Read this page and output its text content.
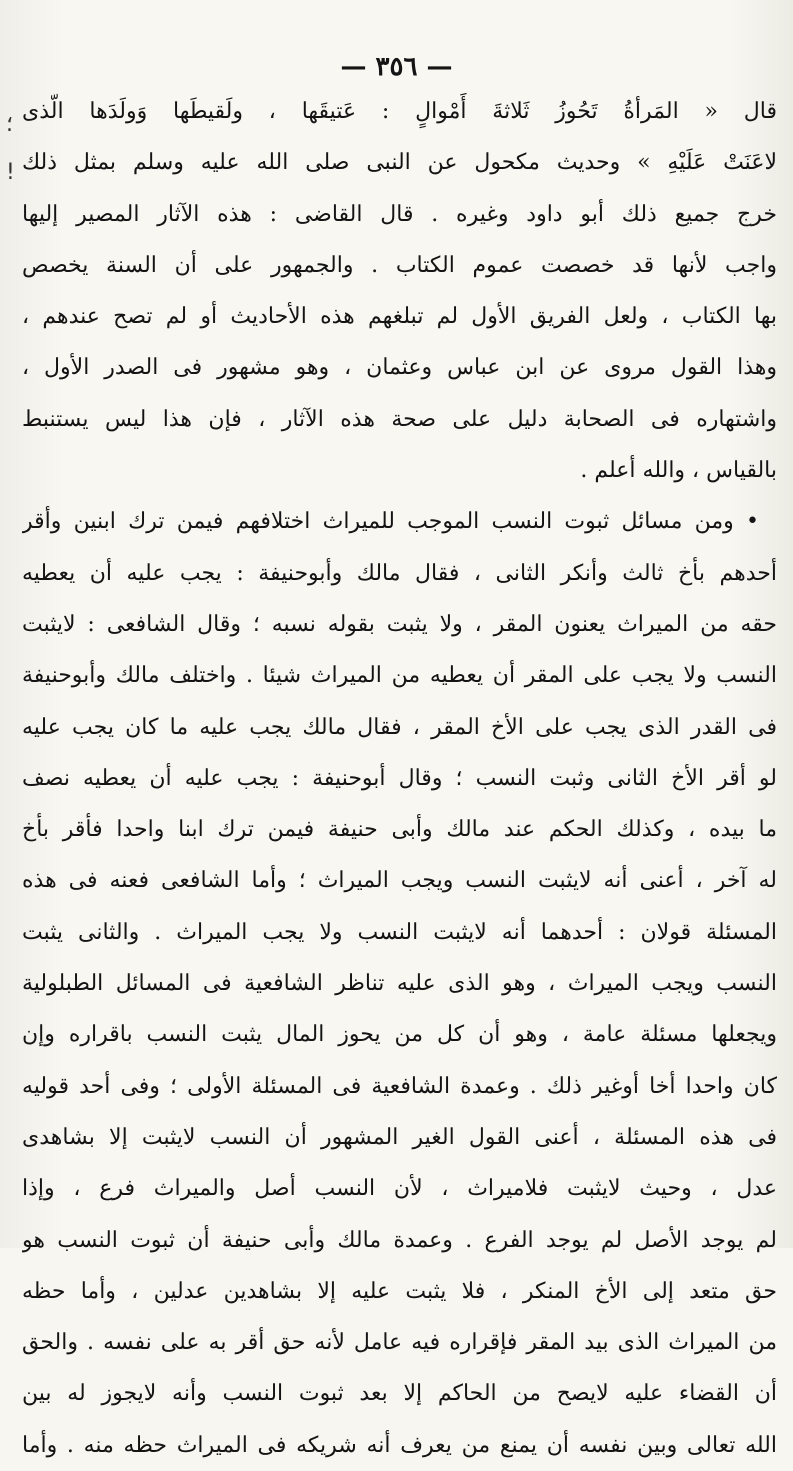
— ٣٥٦ —
؛
!
قال « المَرأةُ تَحُوزُ ثَلاثةَ أَمْوالٍ : عَتيقَها ، ولَقيطَها وَولَدَها الّذى
لاعَنَتْ عَلَيْهِ » وحديث مكحول عن النبى صلى الله عليه وسلم بمثل ذلك
خرج جميع ذلك أبو داود وغيره . قال القاضى : هذه الآثار المصير إليها
واجب لأنها قد خصصت عموم الكتاب . والجمهور على أن السنة يخصص
بها الكتاب ، ولعل الفريق الأول لم تبلغهم هذه الأحاديث أو لم تصح عندهم ،
وهذا القول مروى عن ابن عباس وعثمان ، وهو مشهور فى الصدر الأول ،
واشتهاره فى الصحابة دليل على صحة هذه الآثار ، فإن هذا ليس يستنبط
بالقياس ، والله أعلم .
• ومن مسائل ثبوت النسب الموجب للميراث اختلافهم فيمن ترك ابنين وأقر
أحدهم بأخ ثالث وأنكر الثانى ، فقال مالك وأبوحنيفة : يجب عليه أن يعطيه
حقه من الميراث يعنون المقر ، ولا يثبت بقوله نسبه ؛ وقال الشافعى : لايثبت
النسب ولا يجب على المقر أن يعطيه من الميراث شيئا . واختلف مالك وأبوحنيفة
فى القدر الذى يجب على الأخ المقر ، فقال مالك يجب عليه ما كان يجب عليه
لو أقر الأخ الثانى وثبت النسب ؛ وقال أبوحنيفة : يجب عليه أن يعطيه نصف
ما بيده ، وكذلك الحكم عند مالك وأبى حنيفة فيمن ترك ابنا واحدا فأقر بأخ
له آخر ، أعنى أنه لايثبت النسب ويجب الميراث ؛ وأما الشافعى فعنه فى هذه
المسئلة قولان : أحدهما أنه لايثبت النسب ولا يجب الميراث . والثانى يثبت
النسب ويجب الميراث ، وهو الذى عليه تناظر الشافعية فى المسائل الطبلولية
ويجعلها مسئلة عامة ، وهو أن كل من يحوز المال يثبت النسب باقراره وإن
كان واحدا أخا أوغير ذلك . وعمدة الشافعية فى المسئلة الأولى ؛ وفى أحد قوليه
فى هذه المسئلة ، أعنى القول الغير المشهور أن النسب لايثبت إلا بشاهدى
عدل ، وحيث لايثبت فلاميراث ، لأن النسب أصل والميراث فرع ، وإذا
لم يوجد الأصل لم يوجد الفرع . وعمدة مالك وأبى حنيفة أن ثبوت النسب هو
حق متعد إلى الأخ المنكر ، فلا يثبت عليه إلا بشاهدين عدلين ، وأما حظه
من الميراث الذى بيد المقر فإقراره فيه عامل لأنه حق أقر به على نفسه . والحق
أن القضاء عليه لايصح من الحاكم إلا بعد ثبوت النسب وأنه لايجوز له بين
الله تعالى وبين نفسه أن يمنع من يعرف أنه شريكه فى الميراث حظه منه . وأما
